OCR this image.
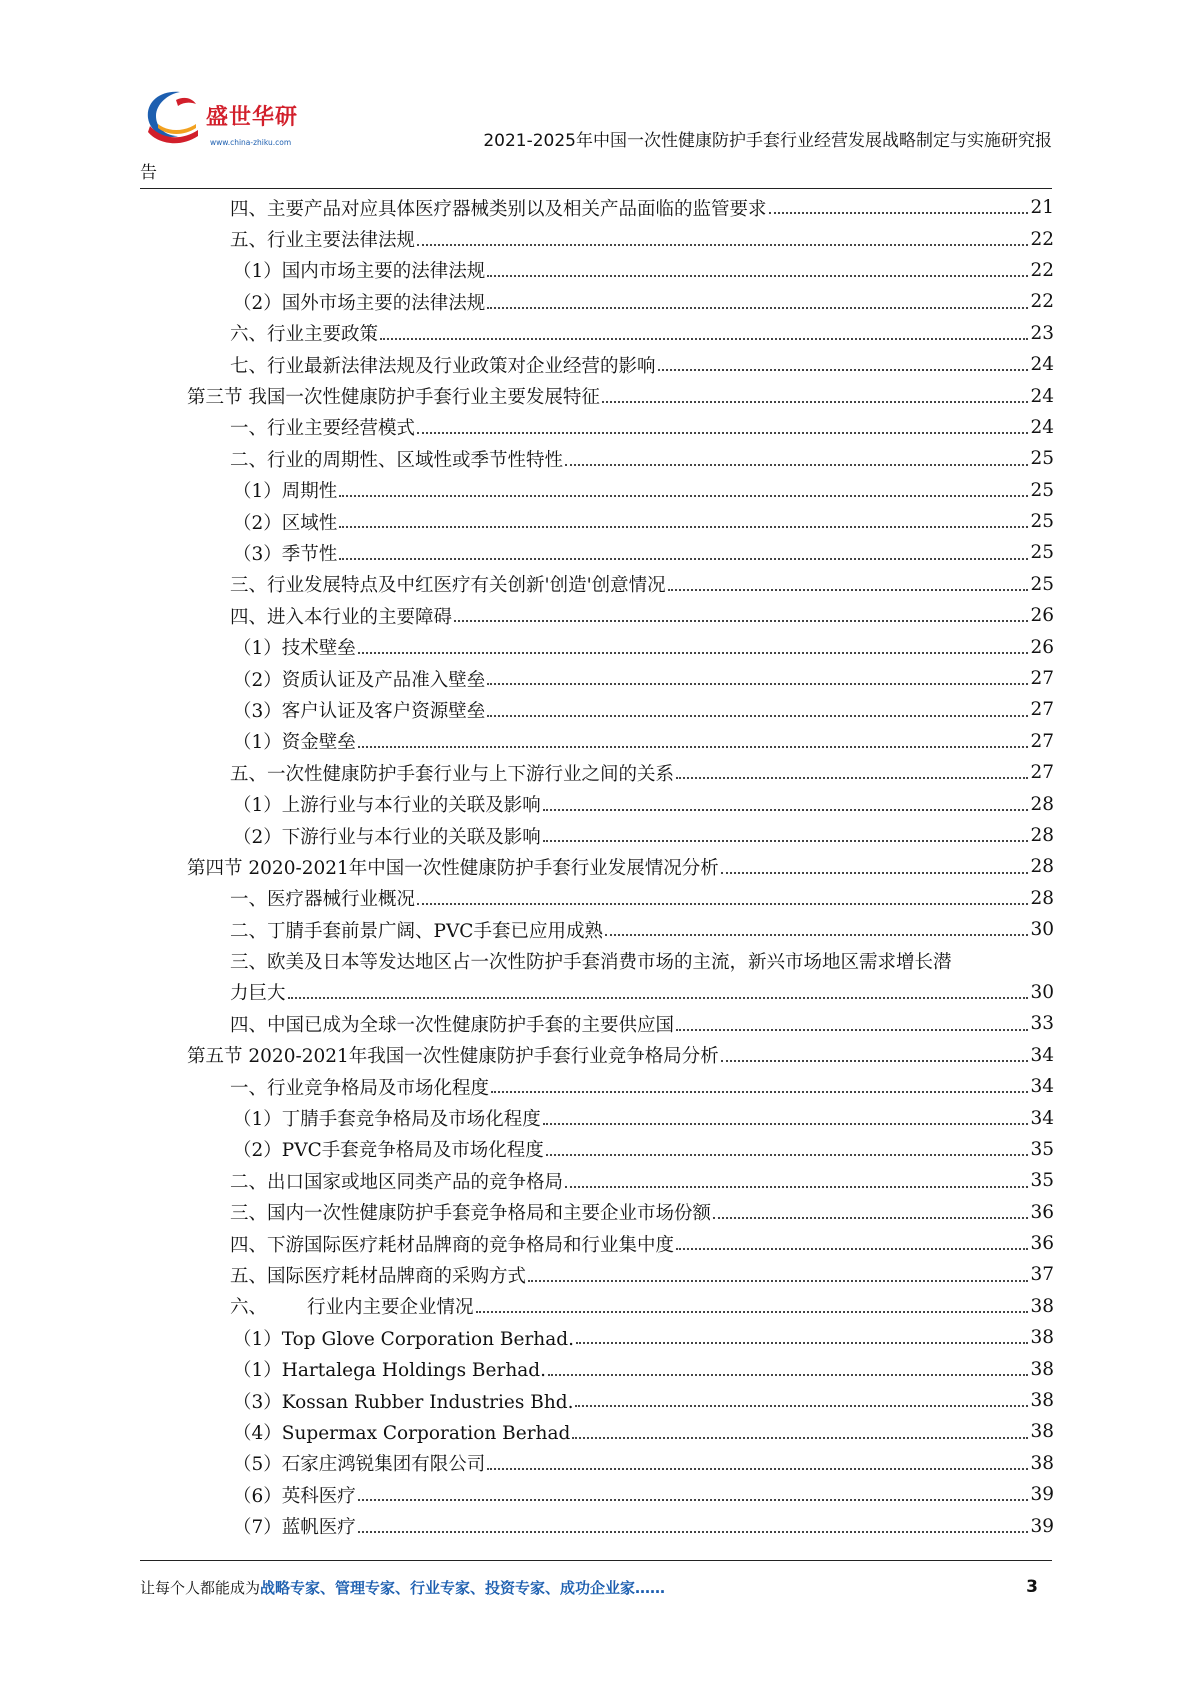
盛世华研
www.china-zhiku.com	2021-2025年中国一次性健康防护手套行业经营发展战略制定与实施研究报
告
四、主要产品对应具体医疗器械类别以及相关产品面临的监管要求	21
五、行业主要法律法规	22
（1）国内市场主要的法律法规	22
（2）国外市场主要的法律法规	22
六、行业主要政策	23
七、行业最新法律法规及行业政策对企业经营的影响	24
第三节 我国一次性健康防护手套行业主要发展特征	24
一、行业主要经营模式	24
二、行业的周期性、区域性或季节性特性	25
（1）周期性	25
（2）区域性	25
（3）季节性	25
三、行业发展特点及中红医疗有关创新'创造'创意情况	25
四、进入本行业的主要障碍	26
（1）技术壁垒	26
（2）资质认证及产品准入壁垒	27
（3）客户认证及客户资源壁垒	27
（1）资金壁垒	27
五、一次性健康防护手套行业与上下游行业之间的关系	27
（1）上游行业与本行业的关联及影响	28
（2）下游行业与本行业的关联及影响	28
第四节 2020-2021年中国一次性健康防护手套行业发展情况分析	28
一、医疗器械行业概况	28
二、丁腈手套前景广阔、PVC手套已应用成熟	30
三、欧美及日本等发达地区占一次性防护手套消费市场的主流，新兴市场地区需求增长潜
力巨大	30
四、中国已成为全球一次性健康防护手套的主要供应国	33
第五节 2020-2021年我国一次性健康防护手套行业竞争格局分析	34
一、行业竞争格局及市场化程度	34
（1）丁腈手套竞争格局及市场化程度	34
（2）PVC手套竞争格局及市场化程度	35
二、出口国家或地区同类产品的竞争格局	35
三、国内一次性健康防护手套竞争格局和主要企业市场份额	36
四、下游国际医疗耗材品牌商的竞争格局和行业集中度	36
五、国际医疗耗材品牌商的采购方式	37
六、 行业内主要企业情况	38
（1）Top Glove Corporation Berhad.	38
（1）Hartalega Holdings Berhad.	38
（3）Kossan Rubber Industries Bhd.	38
（4）Supermax Corporation Berhad	38
（5）石家庄鸿锐集团有限公司	38
（6）英科医疗	39
（7）蓝帆医疗	39
让每个人都能成为战略专家、管理专家、行业专家、投资专家、成功企业家……	3
